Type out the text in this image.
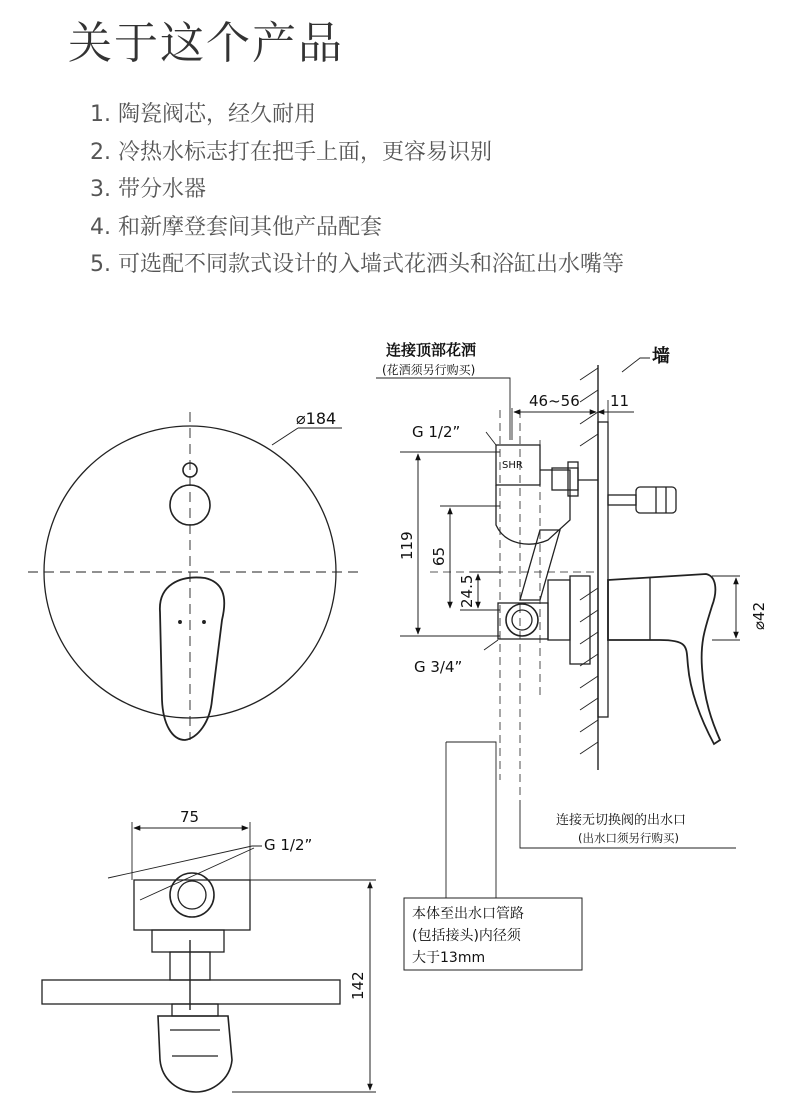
关于这个产品
1. 陶瓷阀芯，经久耐用
2. 冷热水标志打在把手上面，更容易识别
3. 带分水器
4. 和新摩登套间其他产品配套
5. 可选配不同款式设计的入墙式花洒头和浴缸出水嘴等
⌀184
连接顶部花洒
(花洒须另行购买)
墙
46~56 11
G 1/2”
SHR
119 65
24.5
⌀42
G 3/4”
连接无切换阀的出水口
(出水口须另行购买)
本体至出水口管路
(包括接头)内径须
大于13mm
75
G 1/2”
142
